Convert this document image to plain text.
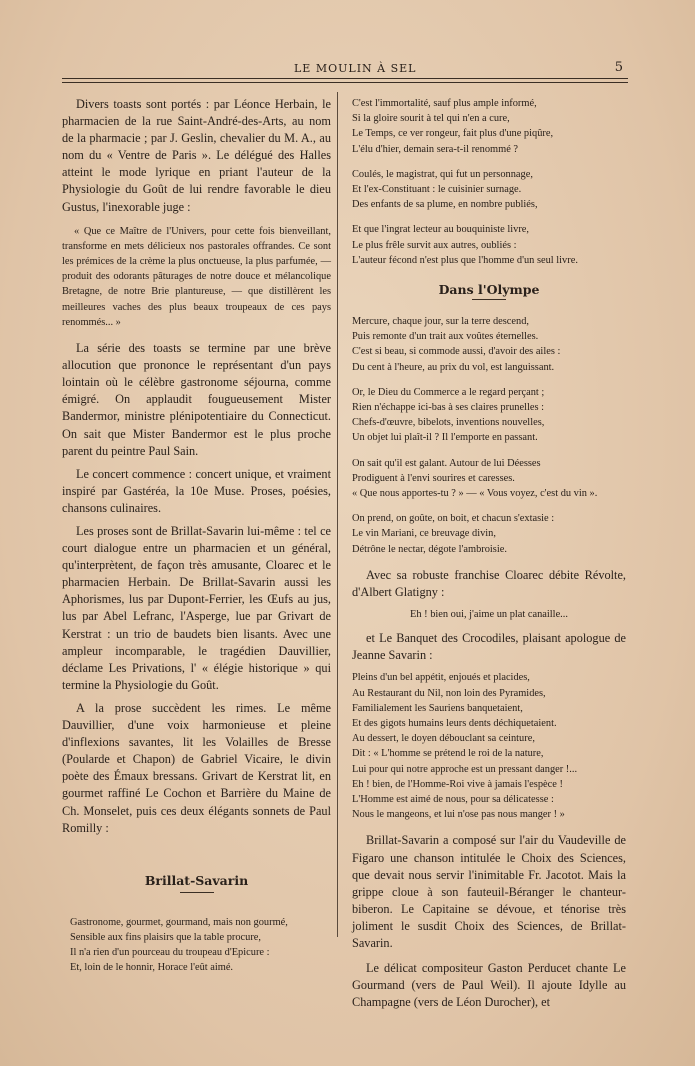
LE MOULIN À SEL	5

Divers toasts sont portés : par Léonce Herbain, le pharmacien de la rue Saint-André-des-Arts, au nom de la pharmacie ; par J. Geslin, chevalier du M. A., au nom du « Ventre de Paris ». Le délégué des Halles atteint le mode lyrique en priant l'auteur de la Physiologie du Goût de lui rendre favorable le dieu Gustus, l'inexorable juge :

« Que ce Maître de l'Univers, pour cette fois bienveillant, transforme en mets délicieux nos pastorales offrandes. Ce sont les prémices de la crème la plus onctueuse, la plus parfumée, — produit des odorants pâturages de notre douce et mélancolique Bretagne, de notre Brie plantureuse, — que distillèrent les meilleures vaches des plus beaux troupeaux de ces pays renommés... »

La série des toasts se termine par une brève allocution que prononce le représentant d'un pays lointain où le célèbre gastronome séjourna, comme émigré. On applaudit fougueusement Mister Bandermor, ministre plénipotentiaire du Connecticut. On sait que Mister Bandermor est le plus proche parent du peintre Paul Sain.

Le concert commence : concert unique, et vraiment inspiré par Gastéréa, la 10e Muse. Proses, poésies, chansons culinaires.

Les proses sont de Brillat-Savarin lui-même : tel ce court dialogue entre un pharmacien et un général, qu'interprètent, de façon très amusante, Cloarec et le pharmacien Herbain. De Brillat-Savarin aussi les Aphorismes, lus par Dupont-Ferrier, les Œufs au jus, lus par Abel Lefranc, l'Asperge, lue par Grivart de Kerstrat : un trio de baudets bien lisants. Avec une ampleur incomparable, le tragédien Dauvillier, déclame Les Privations, l' « élégie historique » qui termine la Physiologie du Goût.

A la prose succèdent les rimes. Le même Dauvillier, d'une voix harmonieuse et pleine d'inflexions savantes, lit les Volailles de Bresse (Poularde et Chapon) de Gabriel Vicaire, le divin poète des Émaux bressans. Grivart de Kerstrat lit, en gourmet raffiné Le Cochon et Barrière du Maine de Ch. Monselet, puis ces deux élégants sonnets de Paul Romilly :

Brillat-Savarin
Gastronome, gourmet, gourmand, mais non gourmé,
Sensible aux fins plaisirs que la table procure,
Il n'a rien d'un pourceau du troupeau d'Epicure :
Et, loin de le honnir, Horace l'eût aimé.
C'est l'immortalité, sauf plus ample informé,
Si la gloire sourit à tel qui n'en a cure,
Le Temps, ce ver rongeur, fait plus d'une piqûre,
L'élu d'hier, demain sera-t-il renommé ?
Coulés, le magistrat, qui fut un personnage,
Et l'ex-Constituant : le cuisinier surnage.
Des enfants de sa plume, en nombre publiés,
Et que l'ingrat lecteur au bouquiniste livre,
Le plus frêle survit aux autres, oubliés :
L'auteur fécond n'est plus que l'homme d'un seul livre.
Dans l'Olympe
Mercure, chaque jour, sur la terre descend,
Puis remonte d'un trait aux voûtes éternelles.
C'est si beau, si commode aussi, d'avoir des ailes :
Du cent à l'heure, au prix du vol, est languissant.
Or, le Dieu du Commerce a le regard perçant ;
Rien n'échappe ici-bas à ses claires prunelles :
Chefs-d'œuvre, bibelots, inventions nouvelles,
Un objet lui plaît-il ? Il l'emporte en passant.
On sait qu'il est galant. Autour de lui Déesses
Prodiguent à l'envi sourires et caresses.
« Que nous apportes-tu ? » — « Vous voyez, c'est du vin ».
On prend, on goûte, on boit, et chacun s'extasie :
Le vin Mariani, ce breuvage divin,
Détrône le nectar, dégote l'ambroisie.

Avec sa robuste franchise Cloarec débite Révolte, d'Albert Glatigny :

Eh ! bien oui, j'aime un plat canaille...

et Le Banquet des Crocodiles, plaisant apologue de Jeanne Savarin :

Pleins d'un bel appétit, enjoués et placides,
Au Restaurant du Nil, non loin des Pyramides,
Familialement les Sauriens banquetaient,
Et des gigots humains leurs dents déchiquetaient.
Au dessert, le doyen débouclant sa ceinture,
Dit : « L'homme se prétend le roi de la nature,
Lui pour qui notre approche est un pressant danger !...
Eh ! bien, de l'Homme-Roi vive à jamais l'espèce !
L'Homme est aimé de nous, pour sa délicatesse :
Nous le mangeons, et lui n'ose pas nous manger ! »

Brillat-Savarin a composé sur l'air du Vaudeville de Figaro une chanson intitulée le Choix des Sciences, que devait nous servir l'inimitable Fr. Jacotot. Mais la grippe cloue à son fauteuil-Béranger le chanteur-biberon. Le Capitaine se dévoue, et ténorise très joliment le susdit Choix des Sciences, de Brillat-Savarin.

Le délicat compositeur Gaston Perducet chante Le Gourmand (vers de Paul Weil). Il ajoute Idylle au Champagne (vers de Léon Durocher), et
